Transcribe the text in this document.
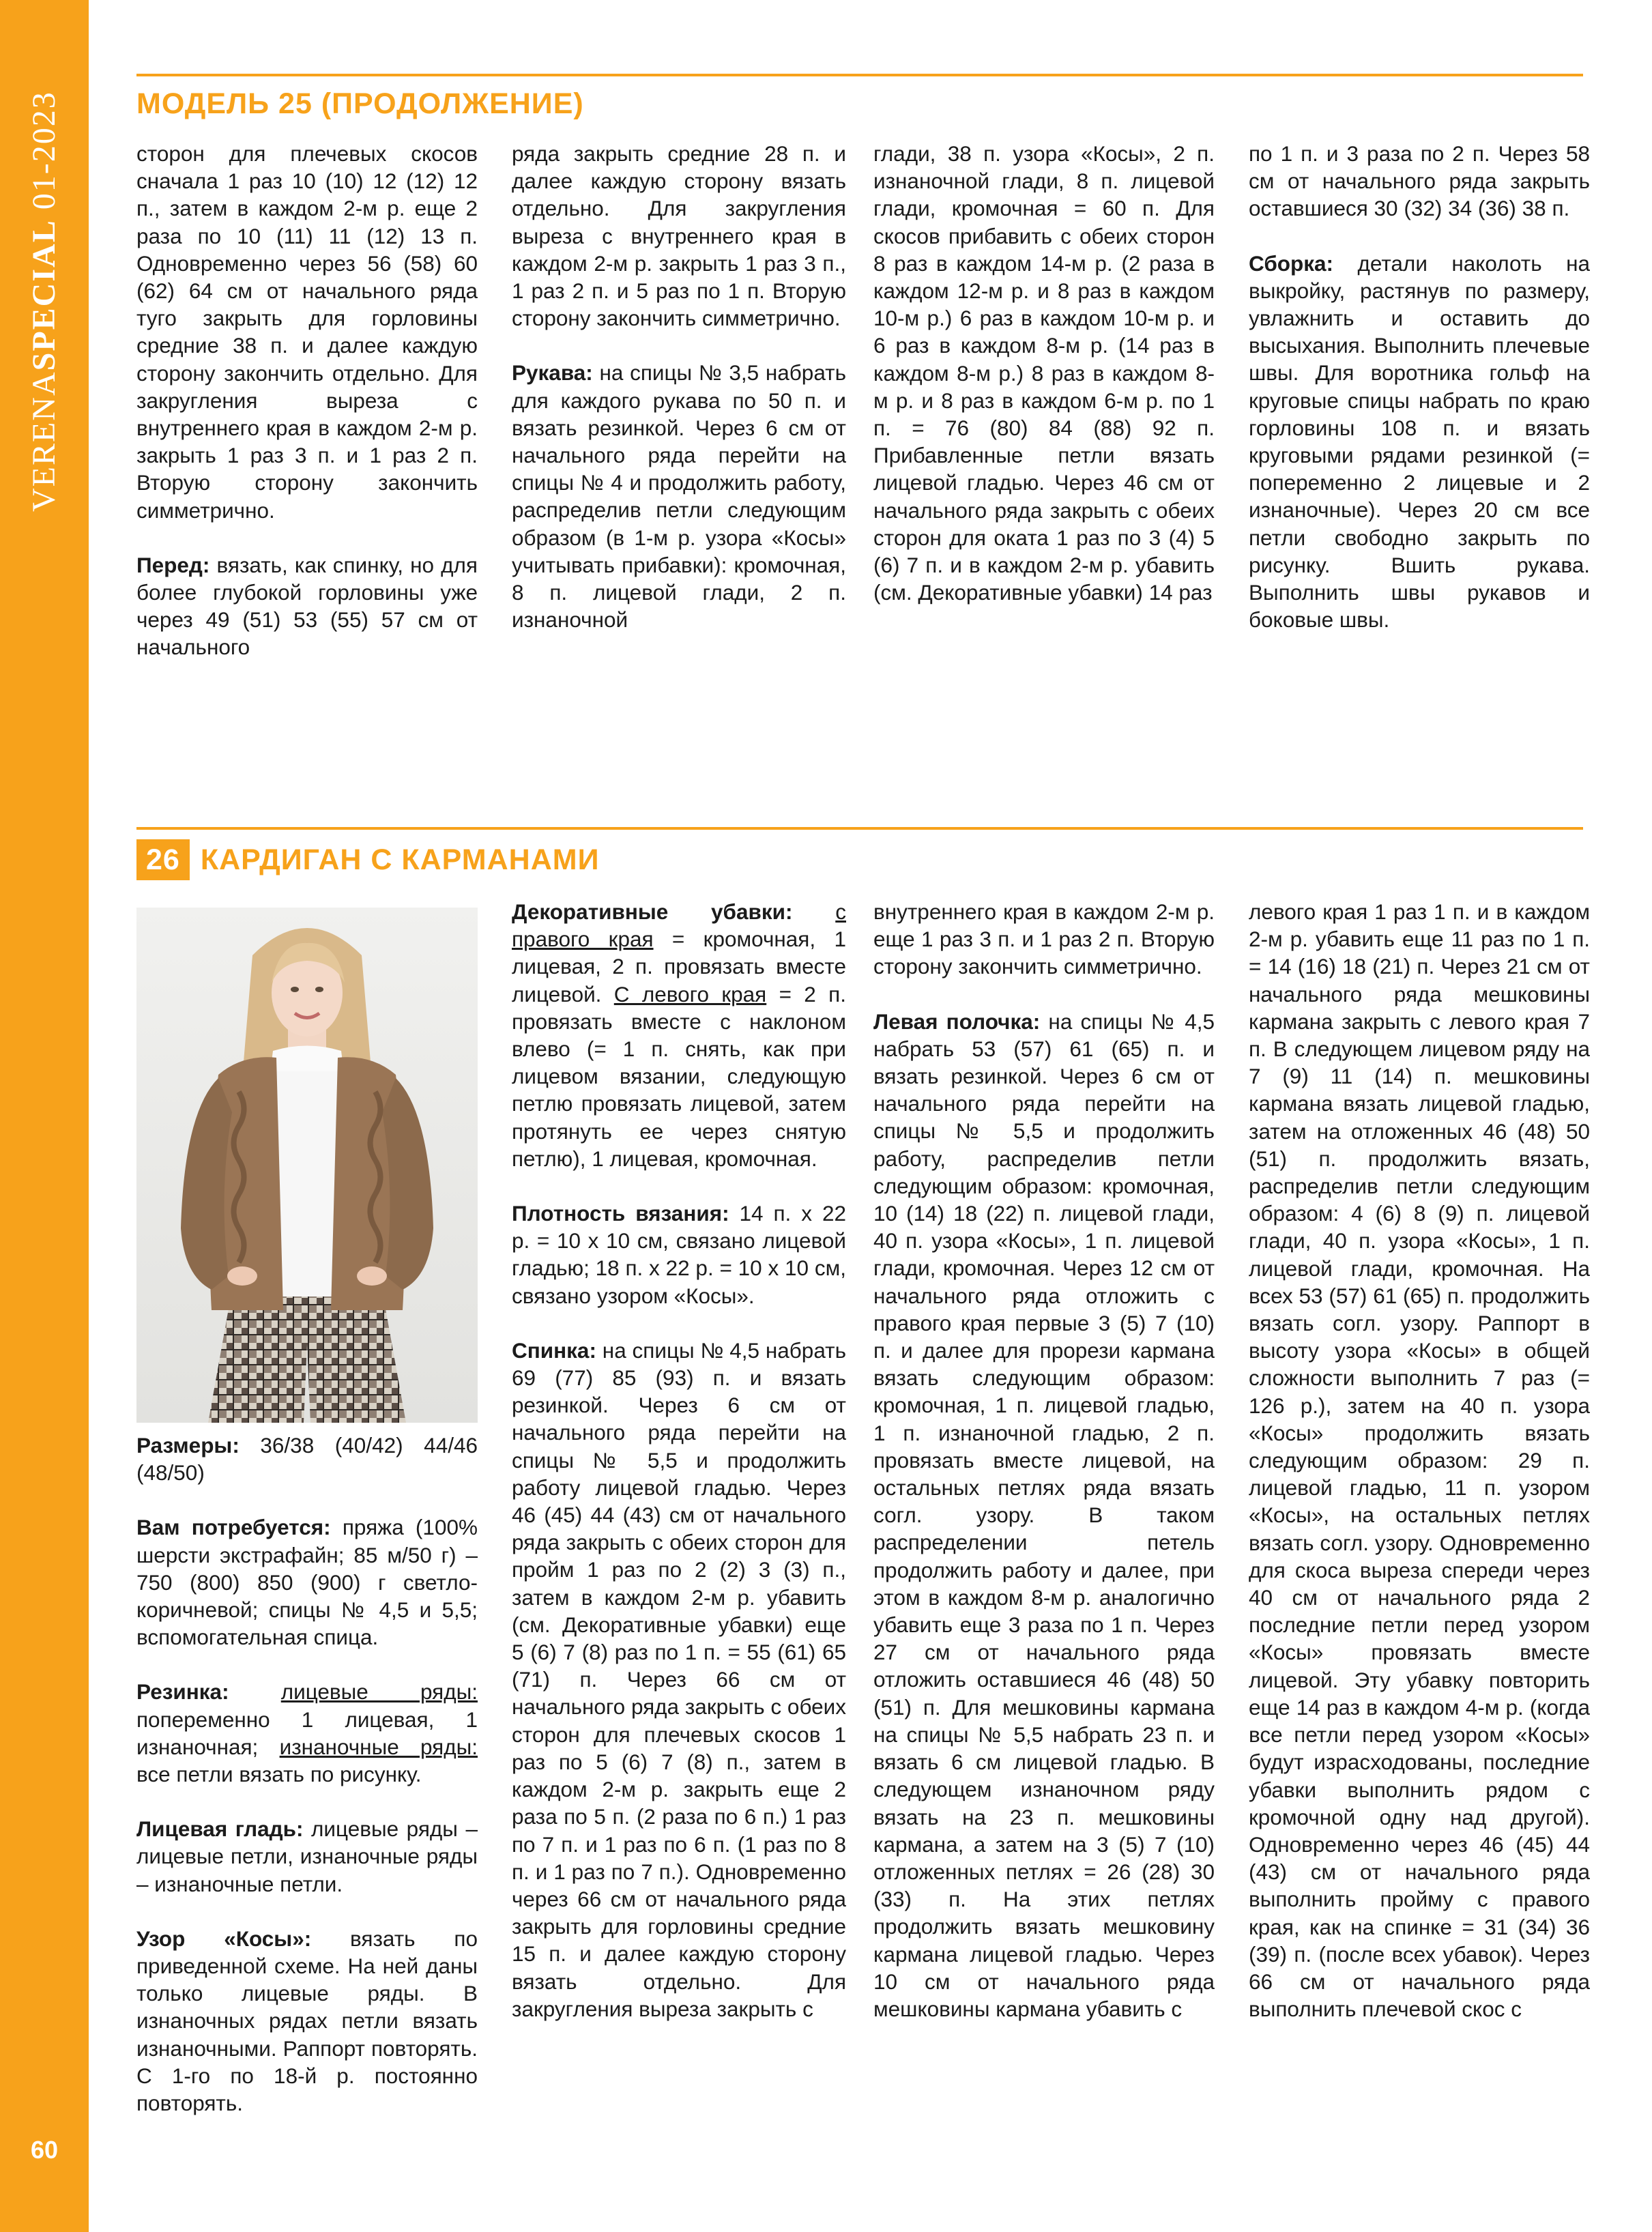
VERENASPECIAL 01-2023
60
МОДЕЛЬ 25 (ПРОДОЛЖЕНИЕ)

сторон для плечевых скосов сначала 1 раз 10 (10) 12 (12) 12 п., затем в каждом 2-м р. еще 2 раза по 10 (11) 11 (12) 13 п. Одновременно через 56 (58) 60 (62) 64 см от начального ряда туго закрыть для горловины средние 38 п. и далее каждую сторону закончить отдельно. Для закругления выреза с внутреннего края в каждом 2-м р. закрыть 1 раз 3 п. и 1 раз 2 п. Вторую сторону закончить симметрично.

Перед: вязать, как спинку, но для более глубокой горловины уже через 49 (51) 53 (55) 57 см от начального

ряда закрыть средние 28 п. и далее каждую сторону вязать отдельно. Для закругления выреза с внутреннего края в каждом 2-м р. закрыть 1 раз 3 п., 1 раз 2 п. и 5 раз по 1 п. Вторую сторону закончить симметрично.

Рукава: на спицы № 3,5 набрать для каждого рукава по 50 п. и вязать резинкой. Через 6 см от начального ряда перейти на спицы № 4 и продолжить работу, распределив петли следующим образом (в 1-м р. узора «Косы» учитывать прибавки): кромочная, 8 п. лицевой глади, 2 п. изнаночной

глади, 38 п. узора «Косы», 2 п. изнаночной глади, 8 п. лицевой глади, кромочная = 60 п. Для скосов прибавить с обеих сторон 8 раз в каждом 14-м р. (2 раза в каждом 12-м р. и 8 раз в каждом 10-м р.) 6 раз в каждом 10-м р. и 6 раз в каждом 8-м р. (14 раз в каждом 8-м р.) 8 раз в каждом 8-м р. и 8 раз в каждом 6-м р. по 1 п. = 76 (80) 84 (88) 92 п. Прибавленные петли вязать лицевой гладью. Через 46 см от начального ряда закрыть с обеих сторон для оката 1 раз по 3 (4) 5 (6) 7 п. и в каждом 2-м р. убавить (см. Декоративные убавки) 14 раз

по 1 п. и 3 раза по 2 п. Через 58 см от начального ряда закрыть оставшиеся 30 (32) 34 (36) 38 п.

Сборка: детали наколоть на выкройку, растянув по размеру, увлажнить и оставить до высыхания. Выполнить плечевые швы. Для воротника гольф на круговые спицы набрать по краю горловины 108 п. и вязать круговыми рядами резинкой (= попеременно 2 лицевые и 2 изнаночные). Через 20 см все петли свободно закрыть по рисунку. Вшить рукава. Выполнить швы рукавов и боковые швы.

26 КАРДИГАН С КАРМАНАМИ

Размеры: 36/38 (40/42) 44/46 (48/50)

Вам потребуется: пряжа (100% шерсти экстрафайн; 85 м/50 г) – 750 (800) 850 (900) г светло-коричневой; спицы № 4,5 и 5,5; вспомогательная спица.

Резинка: лицевые ряды: попеременно 1 лицевая, 1 изнаночная; изнаночные ряды: все петли вязать по рисунку.

Лицевая гладь: лицевые ряды – лицевые петли, изнаночные ряды – изнаночные петли.

Узор «Косы»: вязать по приведенной схеме. На ней даны только лицевые ряды. В изнаночных рядах петли вязать изнаночными. Раппорт повторять. С 1-го по 18-й р. постоянно повторять.

Декоративные убавки: с правого края = кромочная, 1 лицевая, 2 п. провязать вместе лицевой. С левого края = 2 п. провязать вместе с наклоном влево (= 1 п. снять, как при лицевом вязании, следующую петлю провязать лицевой, затем протянуть ее через снятую петлю), 1 лицевая, кромочная.

Плотность вязания: 14 п. х 22 р. = 10 х 10 см, связано лицевой гладью; 18 п. х 22 р. = 10 х 10 см, связано узором «Косы».

Спинка: на спицы № 4,5 набрать 69 (77) 85 (93) п. и вязать резинкой. Через 6 см от начального ряда перейти на спицы № 5,5 и продолжить работу лицевой гладью. Через 46 (45) 44 (43) см от начального ряда закрыть с обеих сторон для пройм 1 раз по 2 (2) 3 (3) п., затем в каждом 2-м р. убавить (см. Декоративные убавки) еще 5 (6) 7 (8) раз по 1 п. = 55 (61) 65 (71) п. Через 66 см от начального ряда закрыть с обеих сторон для плечевых скосов 1 раз по 5 (6) 7 (8) п., затем в каждом 2-м р. закрыть еще 2 раза по 5 п. (2 раза по 6 п.) 1 раз по 7 п. и 1 раз по 6 п. (1 раз по 8 п. и 1 раз по 7 п.). Одновременно через 66 см от начального ряда закрыть для горловины средние 15 п. и далее каждую сторону вязать отдельно. Для закругления выреза закрыть с

внутреннего края в каждом 2-м р. еще 1 раз 3 п. и 1 раз 2 п. Вторую сторону закончить симметрично.

Левая полочка: на спицы № 4,5 набрать 53 (57) 61 (65) п. и вязать резинкой. Через 6 см от начального ряда перейти на спицы № 5,5 и продолжить работу, распределив петли следующим образом: кромочная, 10 (14) 18 (22) п. лицевой глади, 40 п. узора «Косы», 1 п. лицевой глади, кромочная. Через 12 см от начального ряда отложить с правого края первые 3 (5) 7 (10) п. и далее для прорези кармана вязать следующим образом: кромочная, 1 п. лицевой гладью, 1 п. изнаночной гладью, 2 п. провязать вместе лицевой, на остальных петлях ряда вязать согл. узору. В таком распределении петель продолжить работу и далее, при этом в каждом 8-м р. аналогично убавить еще 3 раза по 1 п. Через 27 см от начального ряда отложить оставшиеся 46 (48) 50 (51) п. Для мешковины кармана на спицы № 5,5 набрать 23 п. и вязать 6 см лицевой гладью. В следующем изнаночном ряду вязать на 23 п. мешковины кармана, а затем на 3 (5) 7 (10) отложенных петлях = 26 (28) 30 (33) п. На этих петлях продолжить вязать мешковину кармана лицевой гладью. Через 10 см от начального ряда мешковины кармана убавить с

левого края 1 раз 1 п. и в каждом 2-м р. убавить еще 11 раз по 1 п. = 14 (16) 18 (21) п. Через 21 см от начального ряда мешковины кармана закрыть с левого края 7 п. В следующем лицевом ряду на 7 (9) 11 (14) п. мешковины кармана вязать лицевой гладью, затем на отложенных 46 (48) 50 (51) п. продолжить вязать, распределив петли следующим образом: 4 (6) 8 (9) п. лицевой глади, 40 п. узора «Косы», 1 п. лицевой глади, кромочная. На всех 53 (57) 61 (65) п. продолжить вязать согл. узору. Раппорт в высоту узора «Косы» в общей сложности выполнить 7 раз (= 126 р.), затем на 40 п. узора «Косы» продолжить вязать следующим образом: 29 п. лицевой гладью, 11 п. узором «Косы», на остальных петлях вязать согл. узору. Одновременно для скоса выреза спереди через 40 см от начального ряда 2 последние петли перед узором «Косы» провязать вместе лицевой. Эту убавку повторить еще 14 раз в каждом 4-м р. (когда все петли перед узором «Косы» будут израсходованы, последние убавки выполнить рядом с кромочной одну над другой). Одновременно через 46 (45) 44 (43) см от начального ряда выполнить пройму с правого края, как на спинке = 31 (34) 36 (39) п. (после всех убавок). Через 66 см от начального ряда выполнить плечевой скос с
